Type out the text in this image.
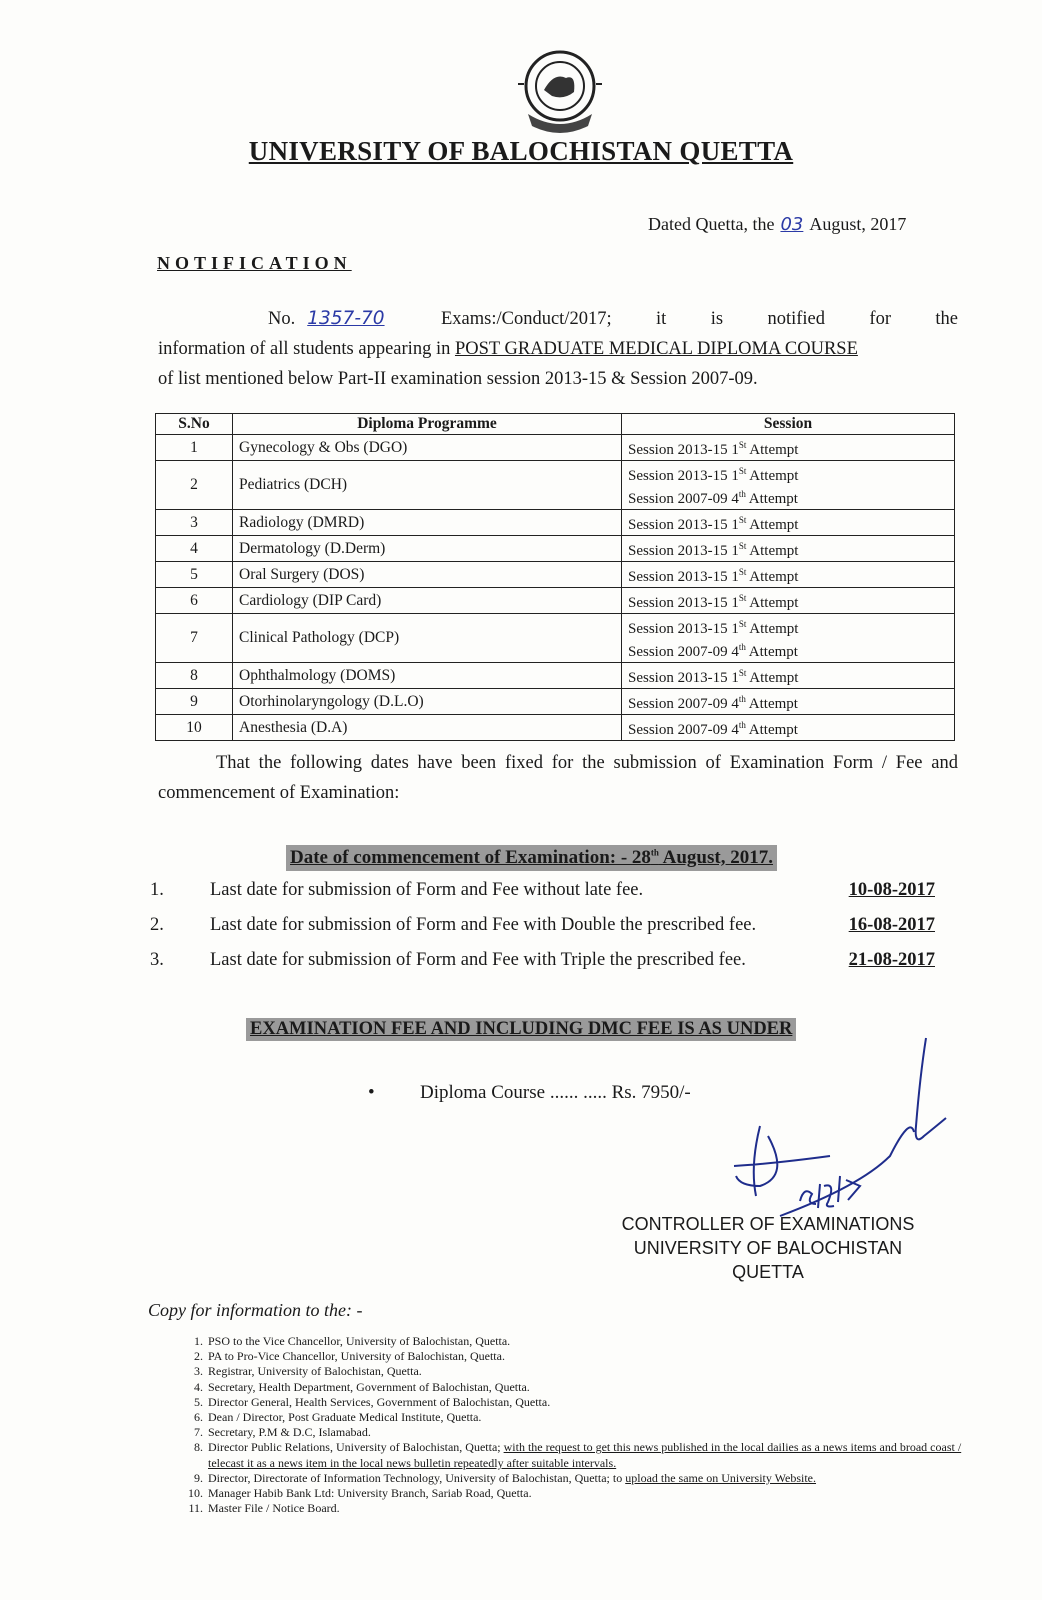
UNIVERSITY OF BALOCHISTAN QUETTA
Dated Quetta, the 03 August, 2017
NOTIFICATION
No. 1357-70	Exams:/Conduct/2017; it is notified for the
information of all students appearing in POST GRADUATE MEDICAL DIPLOMA COURSE
of list mentioned below Part-II examination session 2013-15 & Session 2007-09.
S.No	Diploma Programme	Session
1	Gynecology & Obs (DGO)	Session 2013-15 1St Attempt

2	Pediatrics (DCH)	Session 2013-15 1St Attempt
Session 2007-09 4th Attempt

3	Radiology (DMRD)	Session 2013-15 1St Attempt

4	Dermatology (D.Derm)	Session 2013-15 1St Attempt

5	Oral Surgery (DOS)	Session 2013-15 1St Attempt

6	Cardiology (DIP Card)	Session 2013-15 1St Attempt

7	Clinical Pathology (DCP)	Session 2013-15 1St Attempt
Session 2007-09 4th Attempt

8	Ophthalmology (DOMS)	Session 2013-15 1St Attempt

9	Otorhinolaryngology (D.L.O)	Session 2007-09 4th Attempt

10	Anesthesia (D.A)	Session 2007-09 4th Attempt
That the following dates have been fixed for the submission of Examination Form / Fee and commencement of Examination:
Date of commencement of Examination: - 28th August, 2017.
1. Last date for submission of Form and Fee without late fee.	10-08-2017
2. Last date for submission of Form and Fee with Double the prescribed fee.	16-08-2017
3. Last date for submission of Form and Fee with Triple the prescribed fee.	21-08-2017
EXAMINATION FEE AND INCLUDING DMC FEE IS AS UNDER
• Diploma Course ...... ..... Rs. 7950/-
CONTROLLER OF EXAMINATIONS
UNIVERSITY OF BALOCHISTAN
QUETTA
Copy for information to the: -
1. PSO to the Vice Chancellor, University of Balochistan, Quetta.
2. PA to Pro-Vice Chancellor, University of Balochistan, Quetta.
3. Registrar, University of Balochistan, Quetta.
4. Secretary, Health Department, Government of Balochistan, Quetta.
5. Director General, Health Services, Government of Balochistan, Quetta.
6. Dean / Director, Post Graduate Medical Institute, Quetta.
7. Secretary, P.M & D.C, Islamabad.
8. Director Public Relations, University of Balochistan, Quetta; with the request to get this news published in the local dailies as a news items and broad coast / telecast it as a news item in the local news bulletin repeatedly after suitable intervals.
9. Director, Directorate of Information Technology, University of Balochistan, Quetta; to upload the same on University Website.
10. Manager Habib Bank Ltd: University Branch, Sariab Road, Quetta.
11. Master File / Notice Board.
